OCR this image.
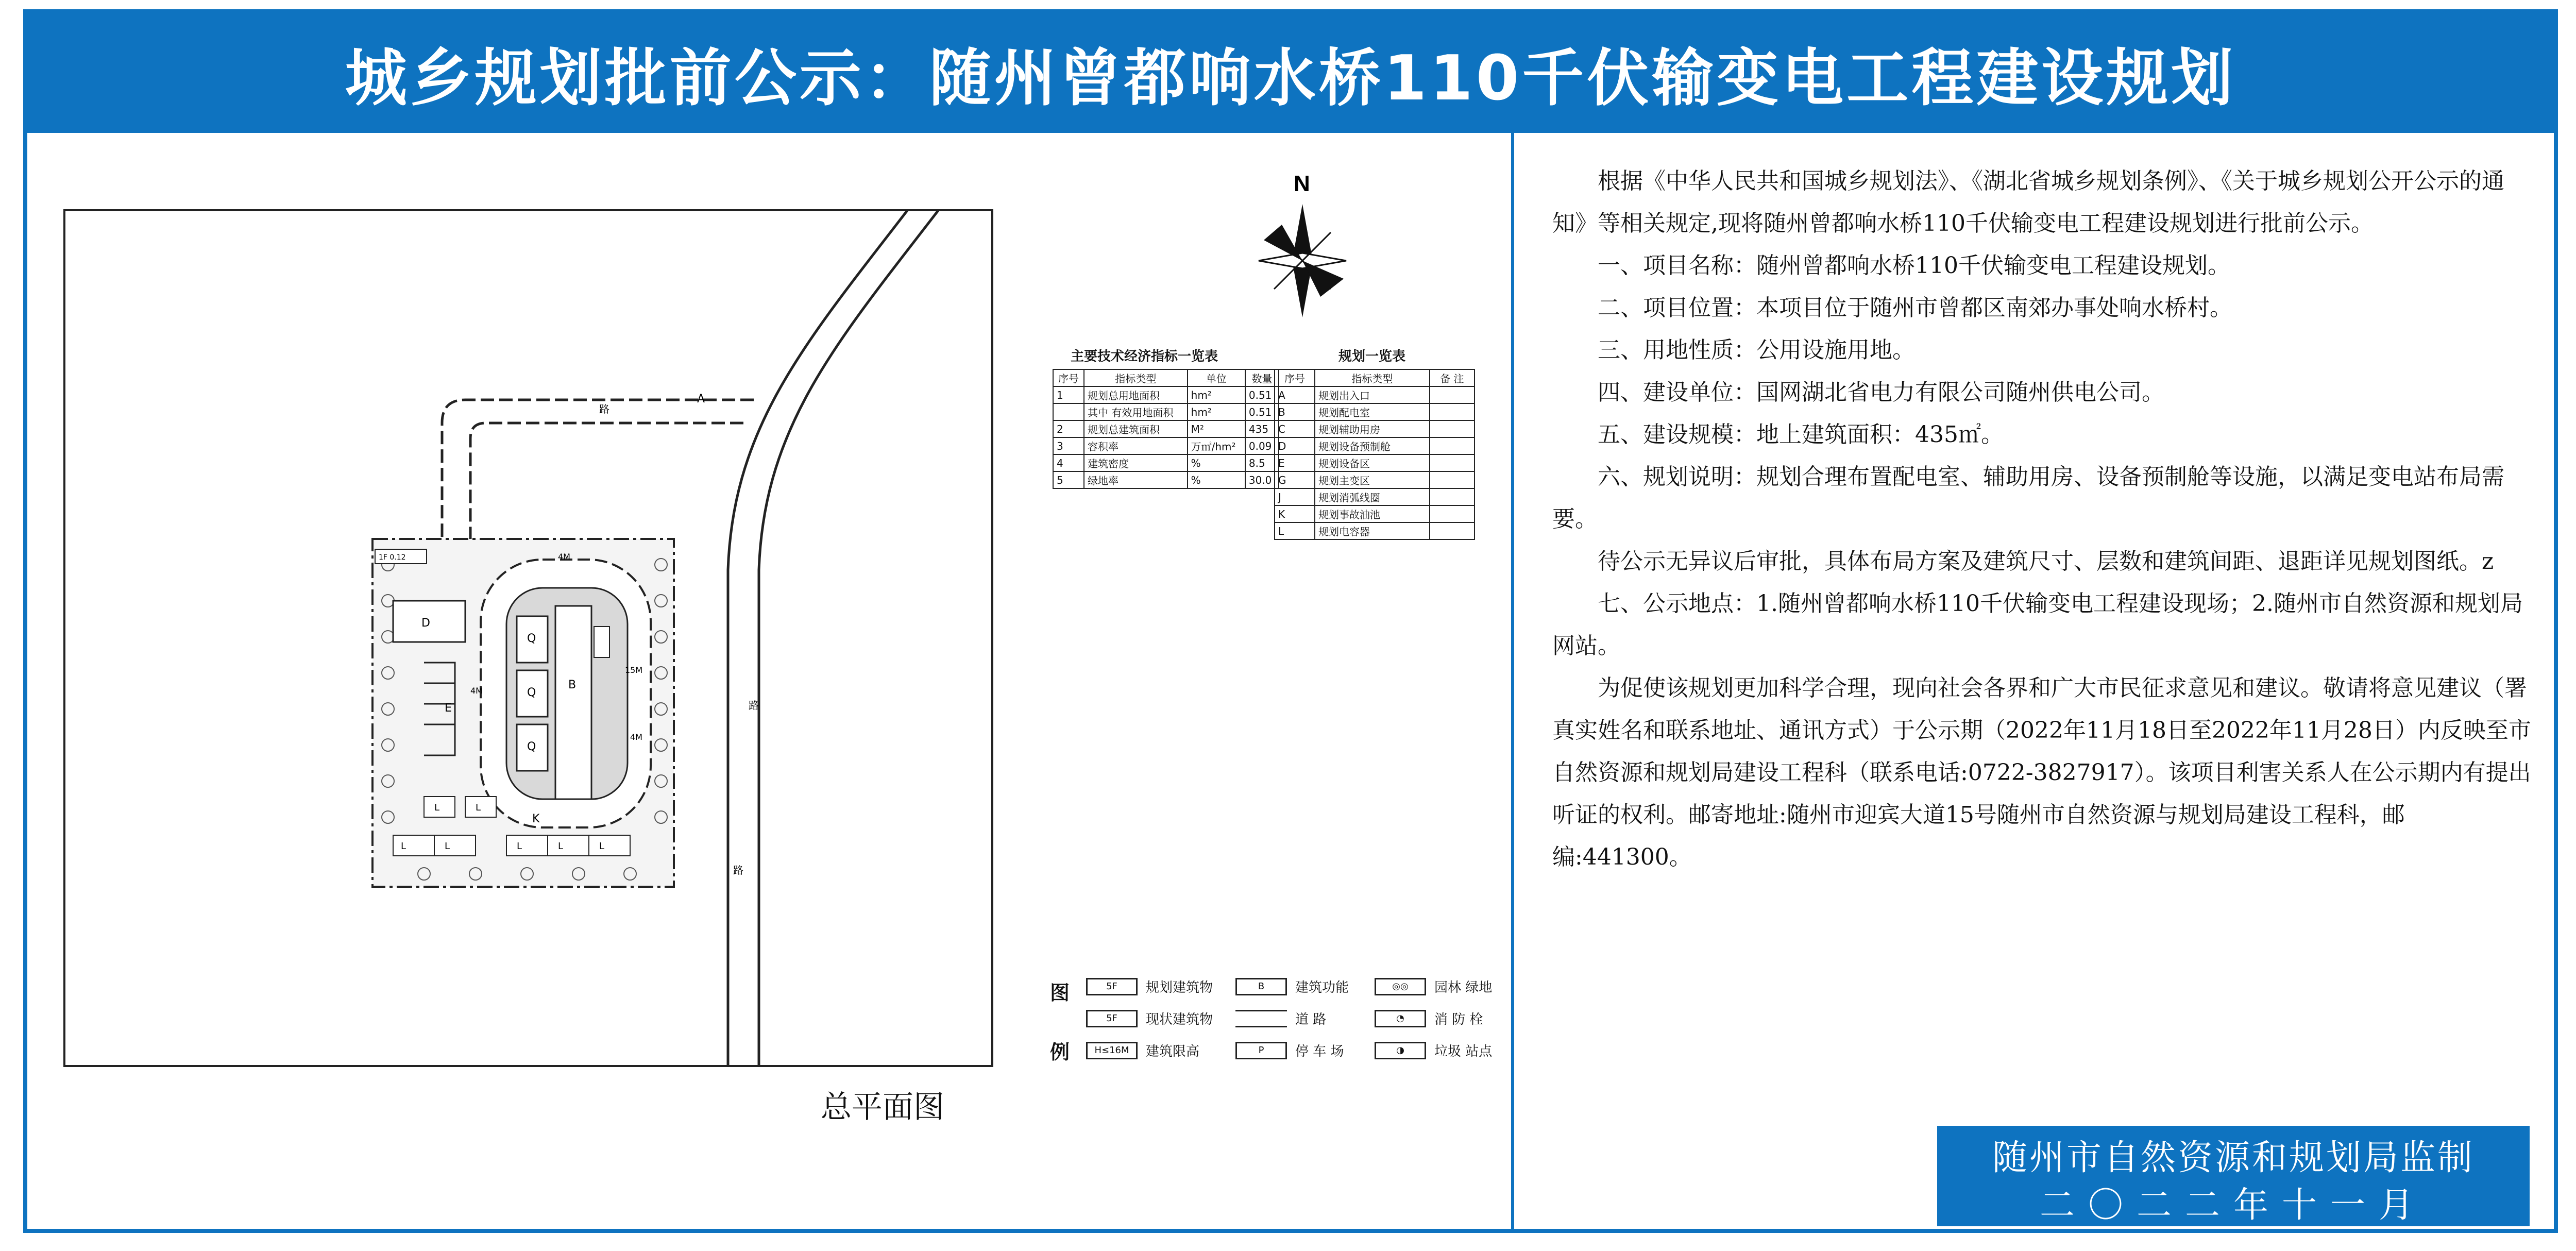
城乡规划批前公示：随州曾都响水桥110千伏输变电工程建设规划
A
D
Q
Q
Q
B
K
E
路
路
路
4M
15M
4M
4M
1F 0.12
L	L	L	L	L
L	L
总平面图
N
主要技术经济指标一览表
序号	指标类型	单位	数量
1	规划总用地面积	hm²	0.51
	其中 有效用地面积	hm²	0.51
2	规划总建筑面积	M²	435
3	容积率	万㎡/hm²	0.09
4	建筑密度	%	8.5
5	绿地率	%	30.0
规划一览表
序号	指标类型	备 注
A	规划出入口	
B	规划配电室	
C	规划辅助用房	
D	规划设备预制舱	
E	规划设备区	
G	规划主变区	
J	规划消弧线圈	
K	规划事故油池	
L	规划电容器	
图
例
5F	规划建筑物	B	建筑功能	◎◎	园林 绿地
5F	现状建筑物	道 路	◔	消 防 栓
H≤16M	建筑限高	P	停 车 场	◑	垃圾 站点

根据《中华人民共和国城乡规划法》、《湖北省城乡规划条例》、《关于城乡规划公开公示的通知》等相关规定,现将随州曾都响水桥110千伏输变电工程建设规划进行批前公示。

一、项目名称：随州曾都响水桥110千伏输变电工程建设规划。

二、项目位置：本项目位于随州市曾都区南郊办事处响水桥村。

三、用地性质：公用设施用地。

四、建设单位：国网湖北省电力有限公司随州供电公司。

五、建设规模：地上建筑面积：435㎡。

六、规划说明：规划合理布置配电室、辅助用房、设备预制舱等设施，以满足变电站布局需要。

待公示无异议后审批，具体布局方案及建筑尺寸、层数和建筑间距、退距详见规划图纸。z

七、公示地点：1.随州曾都响水桥110千伏输变电工程建设现场；2.随州市自然资源和规划局网站。

为促使该规划更加科学合理，现向社会各界和广大市民征求意见和建议。敬请将意见建议（署真实姓名和联系地址、通讯方式）于公示期（2022年11月18日至2022年11月28日）内反映至市自然资源和规划局建设工程科（联系电话:0722-3827917）。该项目利害关系人在公示期内有提出听证的权利。邮寄地址:随州市迎宾大道15号随州市自然资源与规划局建设工程科，邮编:441300。

随州市自然资源和规划局监制
二〇二二年十一月
